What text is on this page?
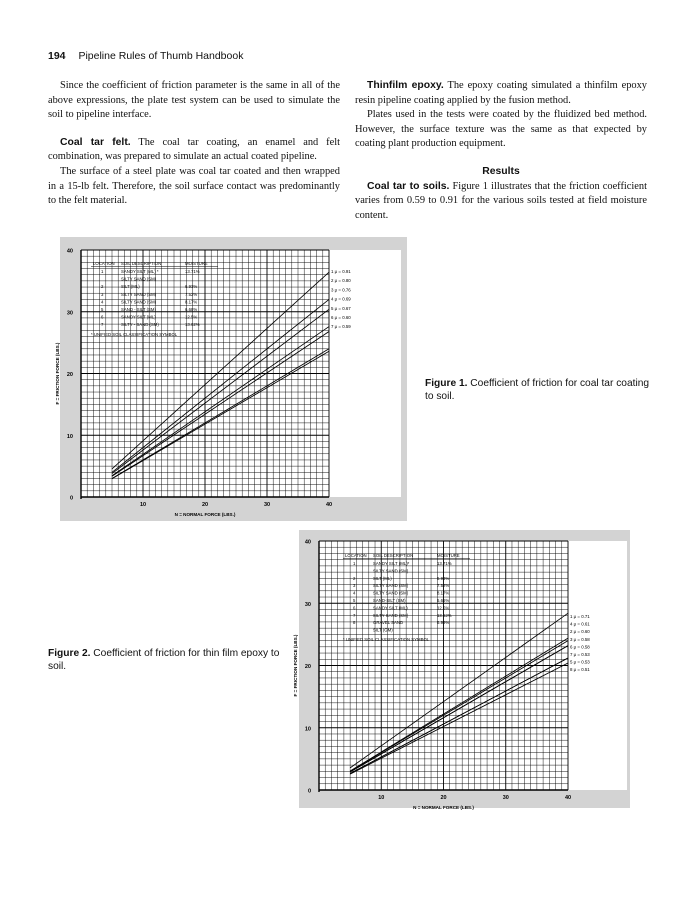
194 Pipeline Rules of Thumb Handbook

Since the coefficient of friction parameter is the same in all of the above expressions, the plate test system can be used to simulate the soil to pipeline interface.

Coal tar felt. The coal tar coating, an enamel and felt combination, was prepared to simulate an actual coated pipeline.

The surface of a steel plate was coal tar coated and then wrapped in a 15-lb felt. Therefore, the soil surface contact was predominantly to the felt material.

Thinfilm epoxy. The epoxy coating simulated a thinfilm epoxy resin pipeline coating applied by the fusion method.

Plates used in the tests were coated by the fluidized bed method. However, the surface texture was the same as that expected by coating plant production equipment.

Results

Coal tar to soils. Figure 1 illustrates that the friction coefficient varies from 0.59 to 0.91 for the various soils tested at field moisture content.

0
10
20
30
40
10	20	30	40
N = NORMAL FORCE (LBS.)
F = FRICTION FORCE (LBS.)
1 μ = 0.91
2 μ = 0.80
3 μ = 0.76
4 μ = 0.69
5 μ = 0.67
6 μ = 0.60
7 μ = 0.59
LOCATION SOIL DESCRIPTION	MOISTURE
1	SANDY SILT (ML) *	13.71%
SILTY SAND (SM)
2	SILT (ML)	6.93%
3	SILTY SAND (SM)	7.52%
4	SILTY SAND (SM)	8.17%
5	SAND - SILT (SM)	6.68%
6	SANDY SILT (ML)	12.5%
7	SILTY - SAND (SM)	13.62%
* UNIFIED SOIL CLASSIFICATION SYMBOL
Figure 1. Coefficient of friction for coal tar coating to soil.
0
10
20
30
40
10	20	30	40
N = NORMAL FORCE (LBS.)
F = FRICTION FORCE (LBS.)
1 μ = 0.71
4 μ = 0.61
2 μ = 0.60
3 μ = 0.58
6 μ = 0.58
7 μ = 0.53
5 μ = 0.53
8 μ = 0.51
LOCATION SOIL DESCRIPTION	MOISTURE
1	SANDY SILT (ML)*	13.71%
SILTY SAND (SM)
2	SILT (ML)	6.93%
3	SILTY SAND (SM)	7.52%
4	SILTY SAND (SM)	8.17%
5	SAND-SILT (SM)	6.66%
6	SANDY SILT (ML)	12.5%
7	SILTY SAND (SM)	13.62%
8	GRAVEL SAND	6.99%
SILT (GM)
* UNIFIED SOIL CLASSIFICATION SYMBOL
Figure 2. Coefficient of friction for thin film epoxy to soil.
